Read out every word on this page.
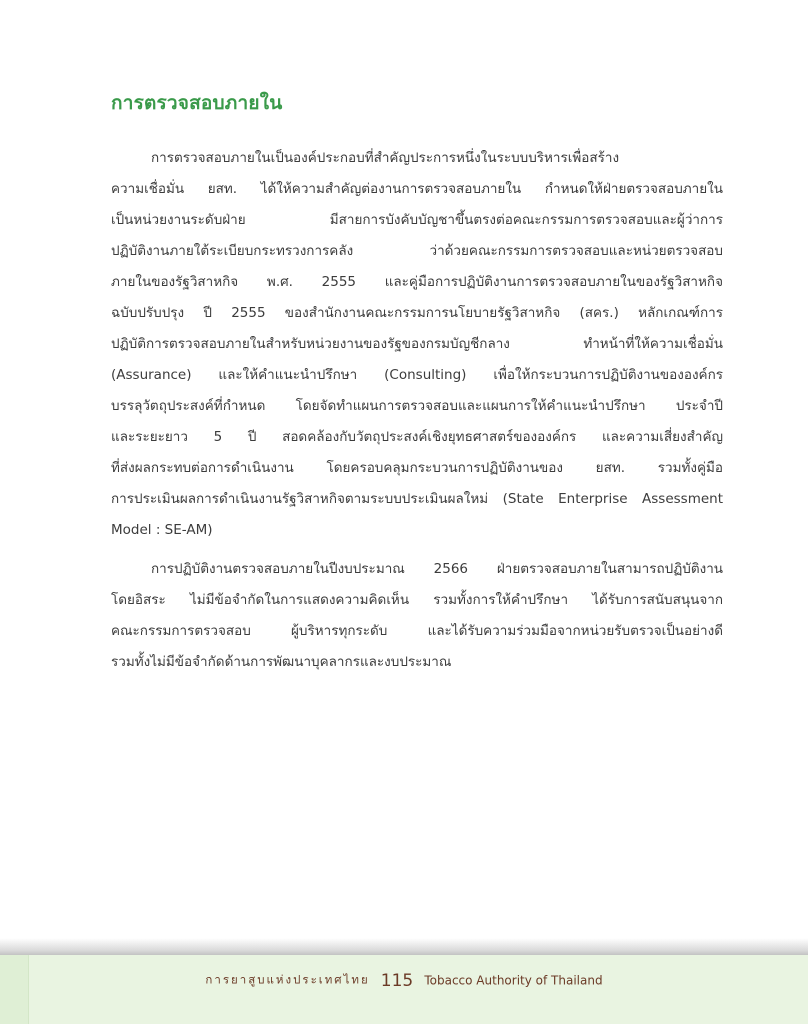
การตรวจสอบภายใน

การตรวจสอบภายในเป็นองค์ประกอบที่สำคัญประการหนึ่งในระบบบริหารเพื่อสร้าง
ความเชื่อมั่น ยสท. ได้ให้ความสำคัญต่องานการตรวจสอบภายใน กำหนดให้ฝ่ายตรวจสอบภายใน
เป็นหน่วยงานระดับฝ่าย มีสายการบังคับบัญชาขึ้นตรงต่อคณะกรรมการตรวจสอบและผู้ว่าการ
ปฏิบัติงานภายใต้ระเบียบกระทรวงการคลัง ว่าด้วยคณะกรรมการตรวจสอบและหน่วยตรวจสอบ
ภายในของรัฐวิสาหกิจ พ.ศ. 2555 และคู่มือการปฏิบัติงานการตรวจสอบภายในของรัฐวิสาหกิจ
ฉบับปรับปรุง ปี 2555 ของสำนักงานคณะกรรมการนโยบายรัฐวิสาหกิจ (สคร.) หลักเกณฑ์การ
ปฏิบัติการตรวจสอบภายในสำหรับหน่วยงานของรัฐของกรมบัญชีกลาง ทำหน้าที่ให้ความเชื่อมั่น
(Assurance) และให้คำแนะนำปรึกษา (Consulting) เพื่อให้กระบวนการปฏิบัติงานขององค์กร
บรรลุวัตถุประสงค์ที่กำหนด โดยจัดทำแผนการตรวจสอบและแผนการให้คำแนะนำปรึกษา ประจำปี
และระยะยาว 5 ปี สอดคล้องกับวัตถุประสงค์เชิงยุทธศาสตร์ขององค์กร และความเสี่ยงสำคัญ
ที่ส่งผลกระทบต่อการดำเนินงาน โดยครอบคลุมกระบวนการปฏิบัติงานของ ยสท. รวมทั้งคู่มือ
การประเมินผลการดำเนินงานรัฐวิสาหกิจตามระบบประเมินผลใหม่ (State Enterprise Assessment
Model : SE-AM)

การปฏิบัติงานตรวจสอบภายในปีงบประมาณ 2566 ฝ่ายตรวจสอบภายในสามารถปฏิบัติงาน
โดยอิสระ ไม่มีข้อจำกัดในการแสดงความคิดเห็น รวมทั้งการให้คำปรึกษา ได้รับการสนับสนุนจาก
คณะกรรมการตรวจสอบ ผู้บริหารทุกระดับ และได้รับความร่วมมือจากหน่วยรับตรวจเป็นอย่างดี
รวมทั้งไม่มีข้อจำกัดด้านการพัฒนาบุคลากรและงบประมาณ

การยาสูบแห่งประเทศไทย 115 Tobacco Authority of Thailand
